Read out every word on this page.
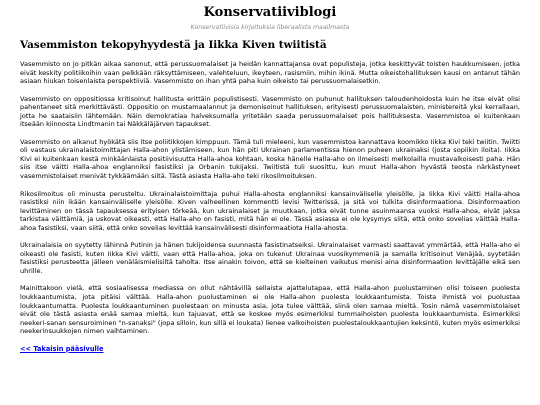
Konservatiiviblogi
Konservatiivisia kirjoituksia liberaalista maailmasta
Vasemmiston tekopyhyydestä ja Iikka Kiven twiitistä

Vasemmisto on jo pitkän aikaa sanonut, että perussuomalaiset ja heidän kannattajansa ovat populisteja, jotka keskittyvät toisten haukkumiseen, jotka eivät keskity politiikoihin vaan pelkkään räksyttämiseen, valehteluun, ikeyteen, rasismiin, mihin ikinä. Mutta oikeistohallituksen kausi on antanut tähän asiaan hiukan toisenlaista perspektiiviä. Vasemmisto on ihan yhtä paha kuin oikeisto tai perussuomalaisetkin.

Vasemmisto on oppositiossa kritisoinut hallitusta erittäin populistisesti. Vasemmisto on puhunut hallituksen taloudenhoidosta kuin he itse eivät olisi pahentaneet sitä merkittävästi. Oppositio on mustamaalannut ja demonisoinut hallituksen, erityisesti perussuomalaisten, ministereitä yksi kerrallaan, jotta he saataisiin lähtemään. Näin demokratiaa halveksumalla yritetään saada perussuomalaiset pois hallituksesta. Vasemmistoa ei kuitenkaan itseään kiinnosta Lindtmanin tai Näkkäläjärven tapaukset.

Vasemmisto on alkanut hyökätä siis itse poliitikkojen kimppuun. Tämä tuli mieleeni, kun vasemmistoa kannattava koomikko Iikka Kivi teki twiitin. Twiitti oli vastaus ukrainalaistoimittajan Halla-ahon ylistämiseen, kun hän piti Ukrainan parlamentissa hienon puheen ukrainaksi (josta sopiikin iloita). Iikka Kivi ei kuitenkaan kestä minkäänlaista positiivisuutta Halla-ahoa kohtaan, koska hänelle Halla-aho on ilmeisesti melkolailla mustavalkoisesti paha. Hän siis itse väitti Halla-ahoa englanniksi fasistiksi ja Orbanin tukijaksi. Twiitistä tuli suosittu, kun muut Halla-ahon hyvästä teosta närkästyneet vasemmistolaiset menivät tykkäämään siitä. Tästä asiasta Halla-aho teki rikosilmoituksen.

Rikosilmoitus oli minusta perusteltu. Ukrainalaistoimittaja puhui Halla-ahosta englanniksi kansainväliselle yleisölle, ja Iikka Kivi väitti Halla-ahoa rasistiksi niin ikään kansainväliselle yleisölle. Kiven valheellinen kommentti levisi Twitterissä, ja sitä voi tulkita disinformaationa. Disinformaation levittäminen on tässä tapauksessa erityisen törkeää, kun ukrainalaiset ja muutkaan, jotka eivät tunne asuinmaansa vuoksi Halla-ahoa, eivät jaksa tarkistaa väittämiä, ja uskovat oikeasti, että Halla-aho on fasisti, mitä hän ei ole. Tässä asiassa ei ole kysymys siitä, että onko sovelias väittää Halla-ahoa fasistiksi, vaan siitä, että onko sovelias levittää kansainvälisesti disinformaatiota Halla-ahosta.

Ukrainalaisia on syytetty lähinnä Putinin ja hänen tukijoidensa suunnasta fasistinatseiksi. Ukrainalaiset varmasti saattavat ymmärtää, että Halla-aho ei oikeasti ole fasisti, kuten Iikka Kivi väitti, vaan että Halla-ahoa, joka on tukenut Ukrainaa vuosikymmeniä ja samalla kritisoinut Venäjää, syytetään fasistiksi perusteetta jälleen venäläismielisiltä taholta. Itse ainakin toivon, että se kielteinen vaikutus menisi aina disinformaation levittäjälle eikä sen uhrille.

Mainittakoon vielä, että sosiaalisessa mediassa on ollut nähtävillä sellaista ajattelutapaa, että Halla-ahon puolustaminen olisi toiseen puolesta loukkaantumista, jota pitäisi välttää. Halla-ahon puolustaminen ei ole Halla-ahon puolesta loukkaantumista. Toista ihmistä voi puolustaa loukkaantumatta. Puolesta loukkaantuminen puolestaan on minusta asia, jota tulee välttää, siinä olen samaa mieltä. Tosin nämä vasemmistolaiset eivät ole tästä asiasta enää samaa mieltä, kun tajuavat, että se koskee myös esimerkiksi tummaihoisten puolesta loukkaantumista. Esimerkiksi neekeri-sanan sensuroiminen "n-sanaksi" (jopa silloin, kun sillä ei loukata) lienee valkoihoisten puolestaloukkaantujien keksintö, kuten myös esimerkiksi neekerinsuukkojen nimen vaihtaminen.

<< Takaisin pääsivulle
